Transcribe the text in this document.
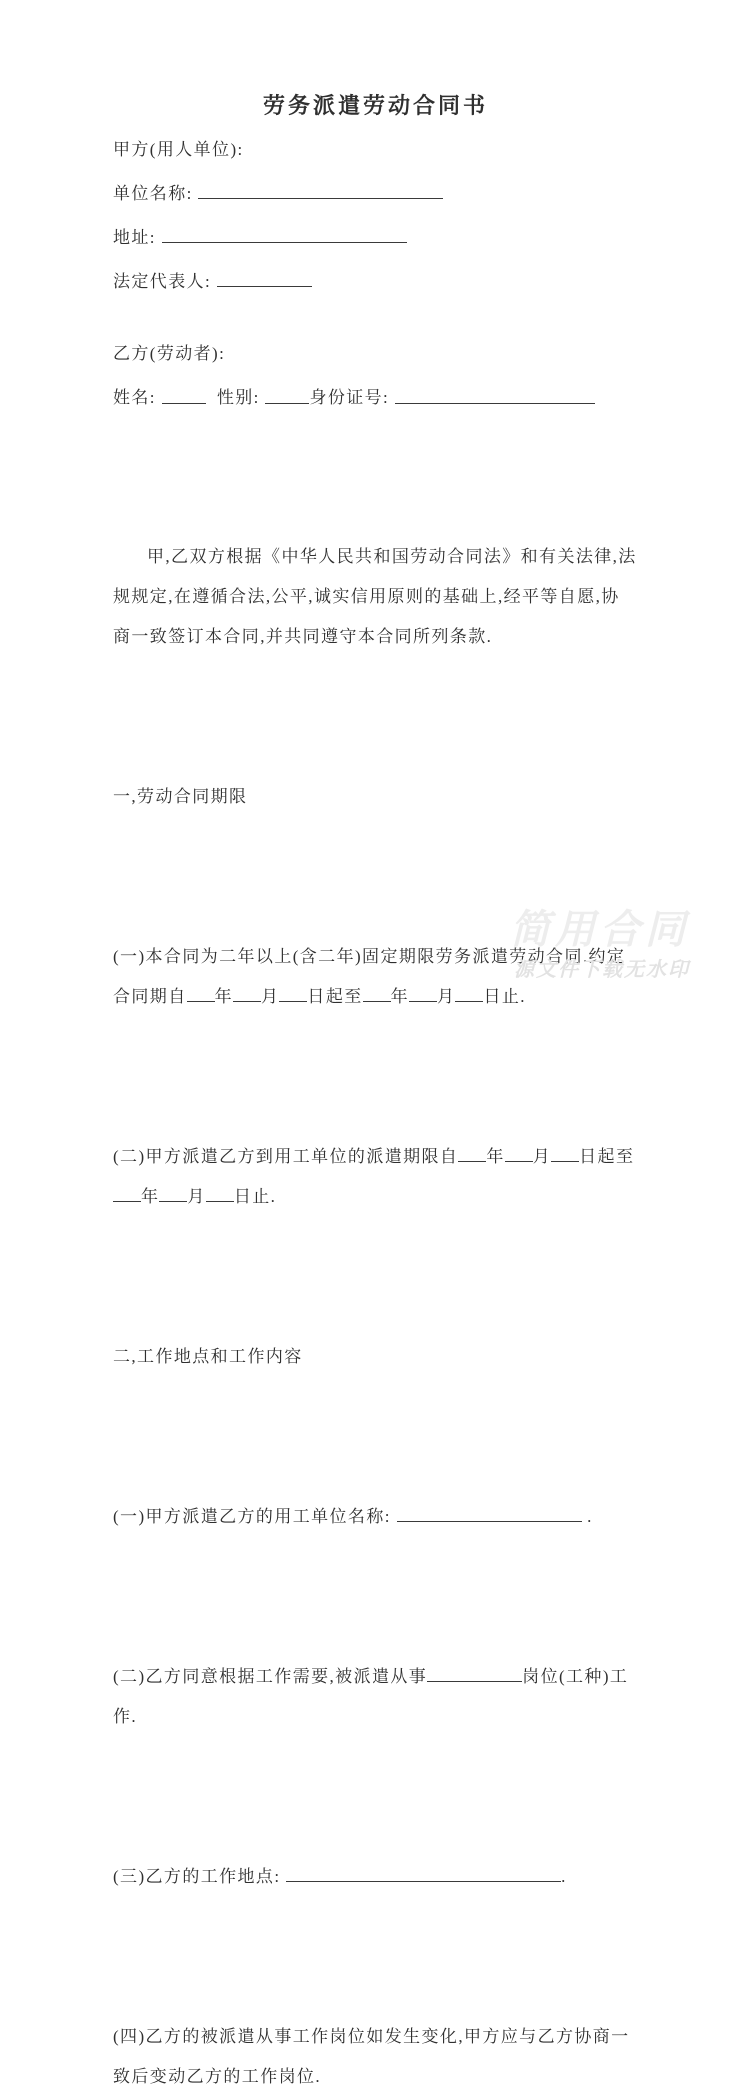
劳务派遣劳动合同书
甲方(用人单位):
单位名称:
地址:
法定代表人:
乙方(劳动者):
姓名:	性别:	身份证号:

甲,乙双方根据《中华人民共和国劳动合同法》和有关法律,法规规定,在遵循合法,公平,诚实信用原则的基础上,经平等自愿,协商一致签订本合同,并共同遵守本合同所列条款.

一,劳动合同期限

(一)本合同为二年以上(含二年)固定期限劳务派遣劳动合同.约定合同期自 年 月 日起至 年 月 日止.

(二)甲方派遣乙方到用工单位的派遣期限自 年 月 日起至年 月 日止.

二,工作地点和工作内容

(一)甲方派遣乙方的用工单位名称:	.

(二)乙方同意根据工作需要,被派遣从事	岗位(工种)工作.

(三)乙方的工作地点:	.

(四)乙方的被派遣从事工作岗位如发生变化,甲方应与乙方协商一致后变动乙方的工作岗位.

简用合同
源文件下载无水印
